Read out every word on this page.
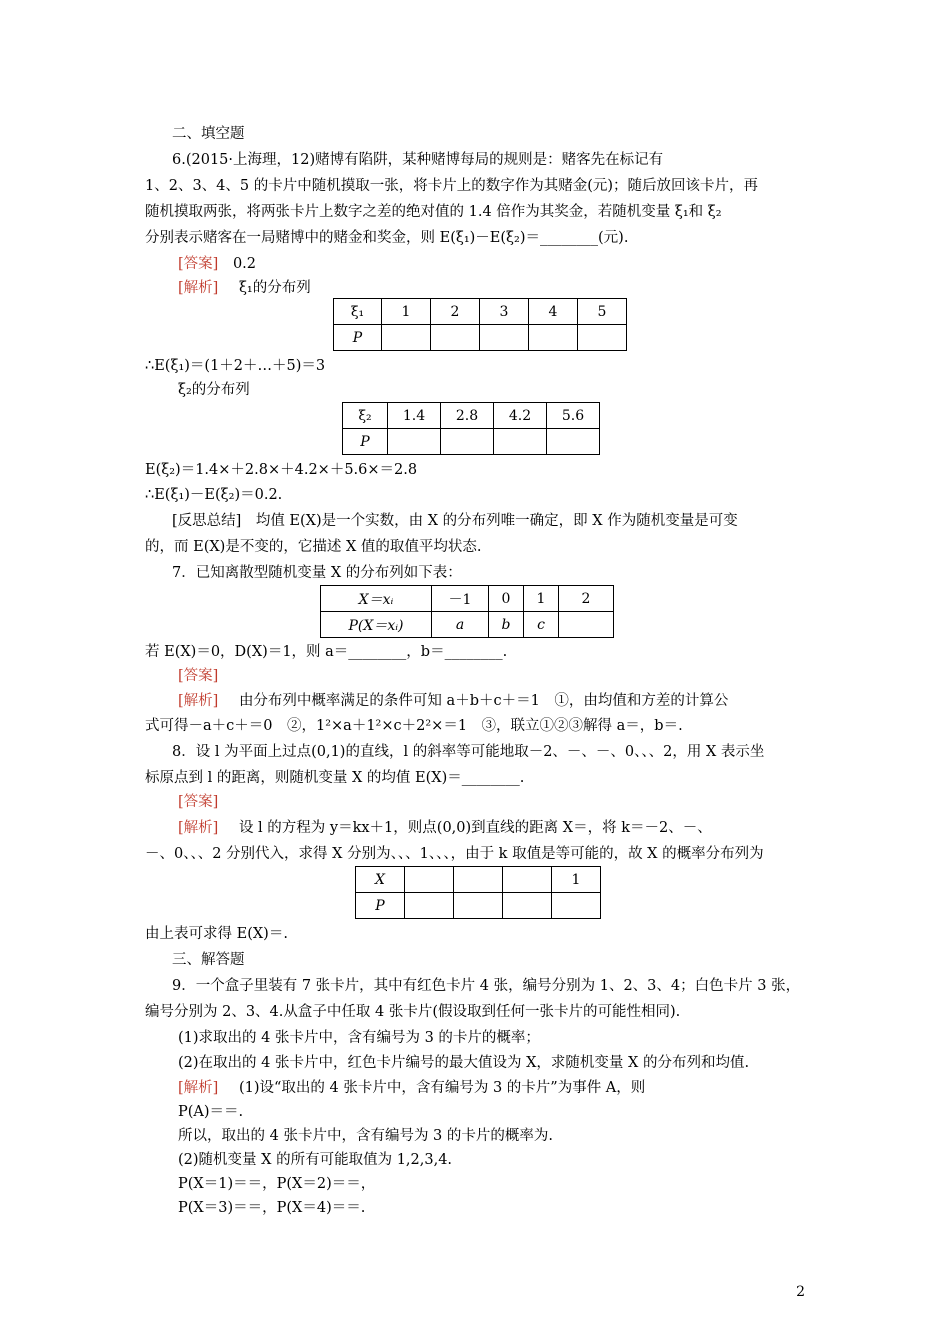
二、填空题
6.(2015·上海理，12)赌博有陷阱，某种赌博每局的规则是：赌客先在标记有
1、2、3、4、5 的卡片中随机摸取一张，将卡片上的数字作为其赌金(元)；随后放回该卡片，再
随机摸取两张，将两张卡片上数字之差的绝对值的 1.4 倍作为其奖金，若随机变量 ξ₁和 ξ₂
分别表示赌客在一局赌博中的赌金和奖金，则 E(ξ₁)－E(ξ₂)＝________(元).
[答案] 0.2
[解析] ξ₁的分布列
ξ₁	1	2	3	4	5
P					
∴E(ξ₁)＝(1＋2＋…＋5)＝3
ξ₂的分布列
ξ₂	1.4	2.8	4.2	5.6
P				
E(ξ₂)＝1.4×＋2.8×＋4.2×＋5.6×＝2.8
∴E(ξ₁)－E(ξ₂)＝0.2.
[反思总结]　均值 E(X)是一个实数，由 X 的分布列唯一确定，即 X 作为随机变量是可变
的，而 E(X)是不变的，它描述 X 值的取值平均状态.
7．已知离散型随机变量 X 的分布列如下表：
X＝xᵢ	－1	0	1	2
P(X＝xᵢ)	a	b	c	
若 E(X)＝0，D(X)＝1，则 a＝________，b＝________.
[答案]
[解析] 由分布列中概率满足的条件可知 a＋b＋c＋＝1　①，由均值和方差的计算公
式可得－a＋c＋＝0　②，1²×a＋1²×c＋2²×＝1　③，联立①②③解得 a＝，b＝.
8．设 l 为平面上过点(0,1)的直线，l 的斜率等可能地取－2、－、－、0、、、2，用 X 表示坐
标原点到 l 的距离，则随机变量 X 的均值 E(X)＝________.
[答案]
[解析] 设 l 的方程为 y＝kx＋1，则点(0,0)到直线的距离 X＝，将 k＝－2、－、
－、0、、、2 分别代入，求得 X 分别为、、、1、、、，由于 k 取值是等可能的，故 X 的概率分布列为
X				1
P				
由上表可求得 E(X)＝.
三、解答题
9．一个盒子里装有 7 张卡片，其中有红色卡片 4 张，编号分别为 1、2、3、4；白色卡片 3 张，
编号分别为 2、3、4.从盒子中任取 4 张卡片(假设取到任何一张卡片的可能性相同).
(1)求取出的 4 张卡片中，含有编号为 3 的卡片的概率；
(2)在取出的 4 张卡片中，红色卡片编号的最大值设为 X，求随机变量 X 的分布列和均值.
[解析] (1)设“取出的 4 张卡片中，含有编号为 3 的卡片”为事件 A，则
P(A)＝＝.
所以，取出的 4 张卡片中，含有编号为 3 的卡片的概率为.
(2)随机变量 X 的所有可能取值为 1,2,3,4.
P(X＝1)＝＝，P(X＝2)＝＝，
P(X＝3)＝＝，P(X＝4)＝＝.
2
